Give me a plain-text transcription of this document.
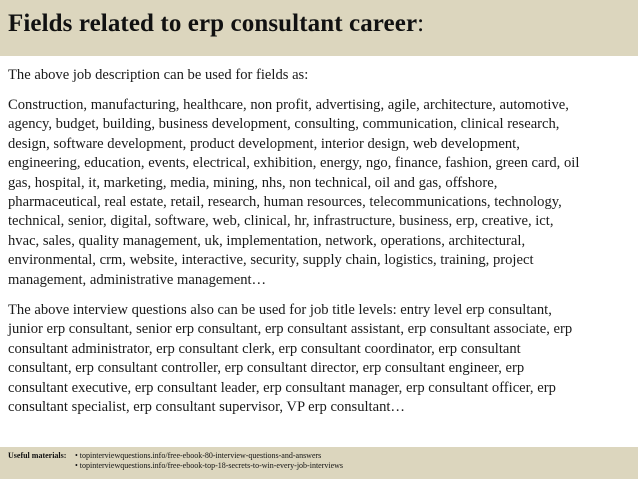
Fields related to erp consultant career:
The above job description can be used for fields as:
Construction, manufacturing, healthcare, non profit, advertising, agile, architecture, automotive,
agency, budget, building, business development, consulting, communication, clinical research,
design, software development, product development, interior design, web development,
engineering, education, events, electrical, exhibition, energy, ngo, finance, fashion, green card, oil
gas, hospital, it, marketing, media, mining, nhs, non technical, oil and gas, offshore,
pharmaceutical, real estate, retail, research, human resources, telecommunications, technology,
technical, senior, digital, software, web, clinical, hr, infrastructure, business, erp, creative, ict,
hvac, sales, quality management, uk, implementation, network, operations, architectural,
environmental, crm, website, interactive, security, supply chain, logistics, training, project
management, administrative management…
The above interview questions also can be used for job title levels: entry level erp consultant,
junior erp consultant, senior erp consultant, erp consultant assistant, erp consultant associate, erp
consultant administrator, erp consultant clerk, erp consultant coordinator, erp consultant
consultant, erp consultant controller, erp consultant director, erp consultant engineer, erp
consultant executive, erp consultant leader, erp consultant manager, erp consultant officer, erp
consultant specialist, erp consultant supervisor, VP erp consultant…
Useful materials: • topinterviewquestions.info/free-ebook-80-interview-questions-and-answers
• topinterviewquestions.info/free-ebook-top-18-secrets-to-win-every-job-interviews
